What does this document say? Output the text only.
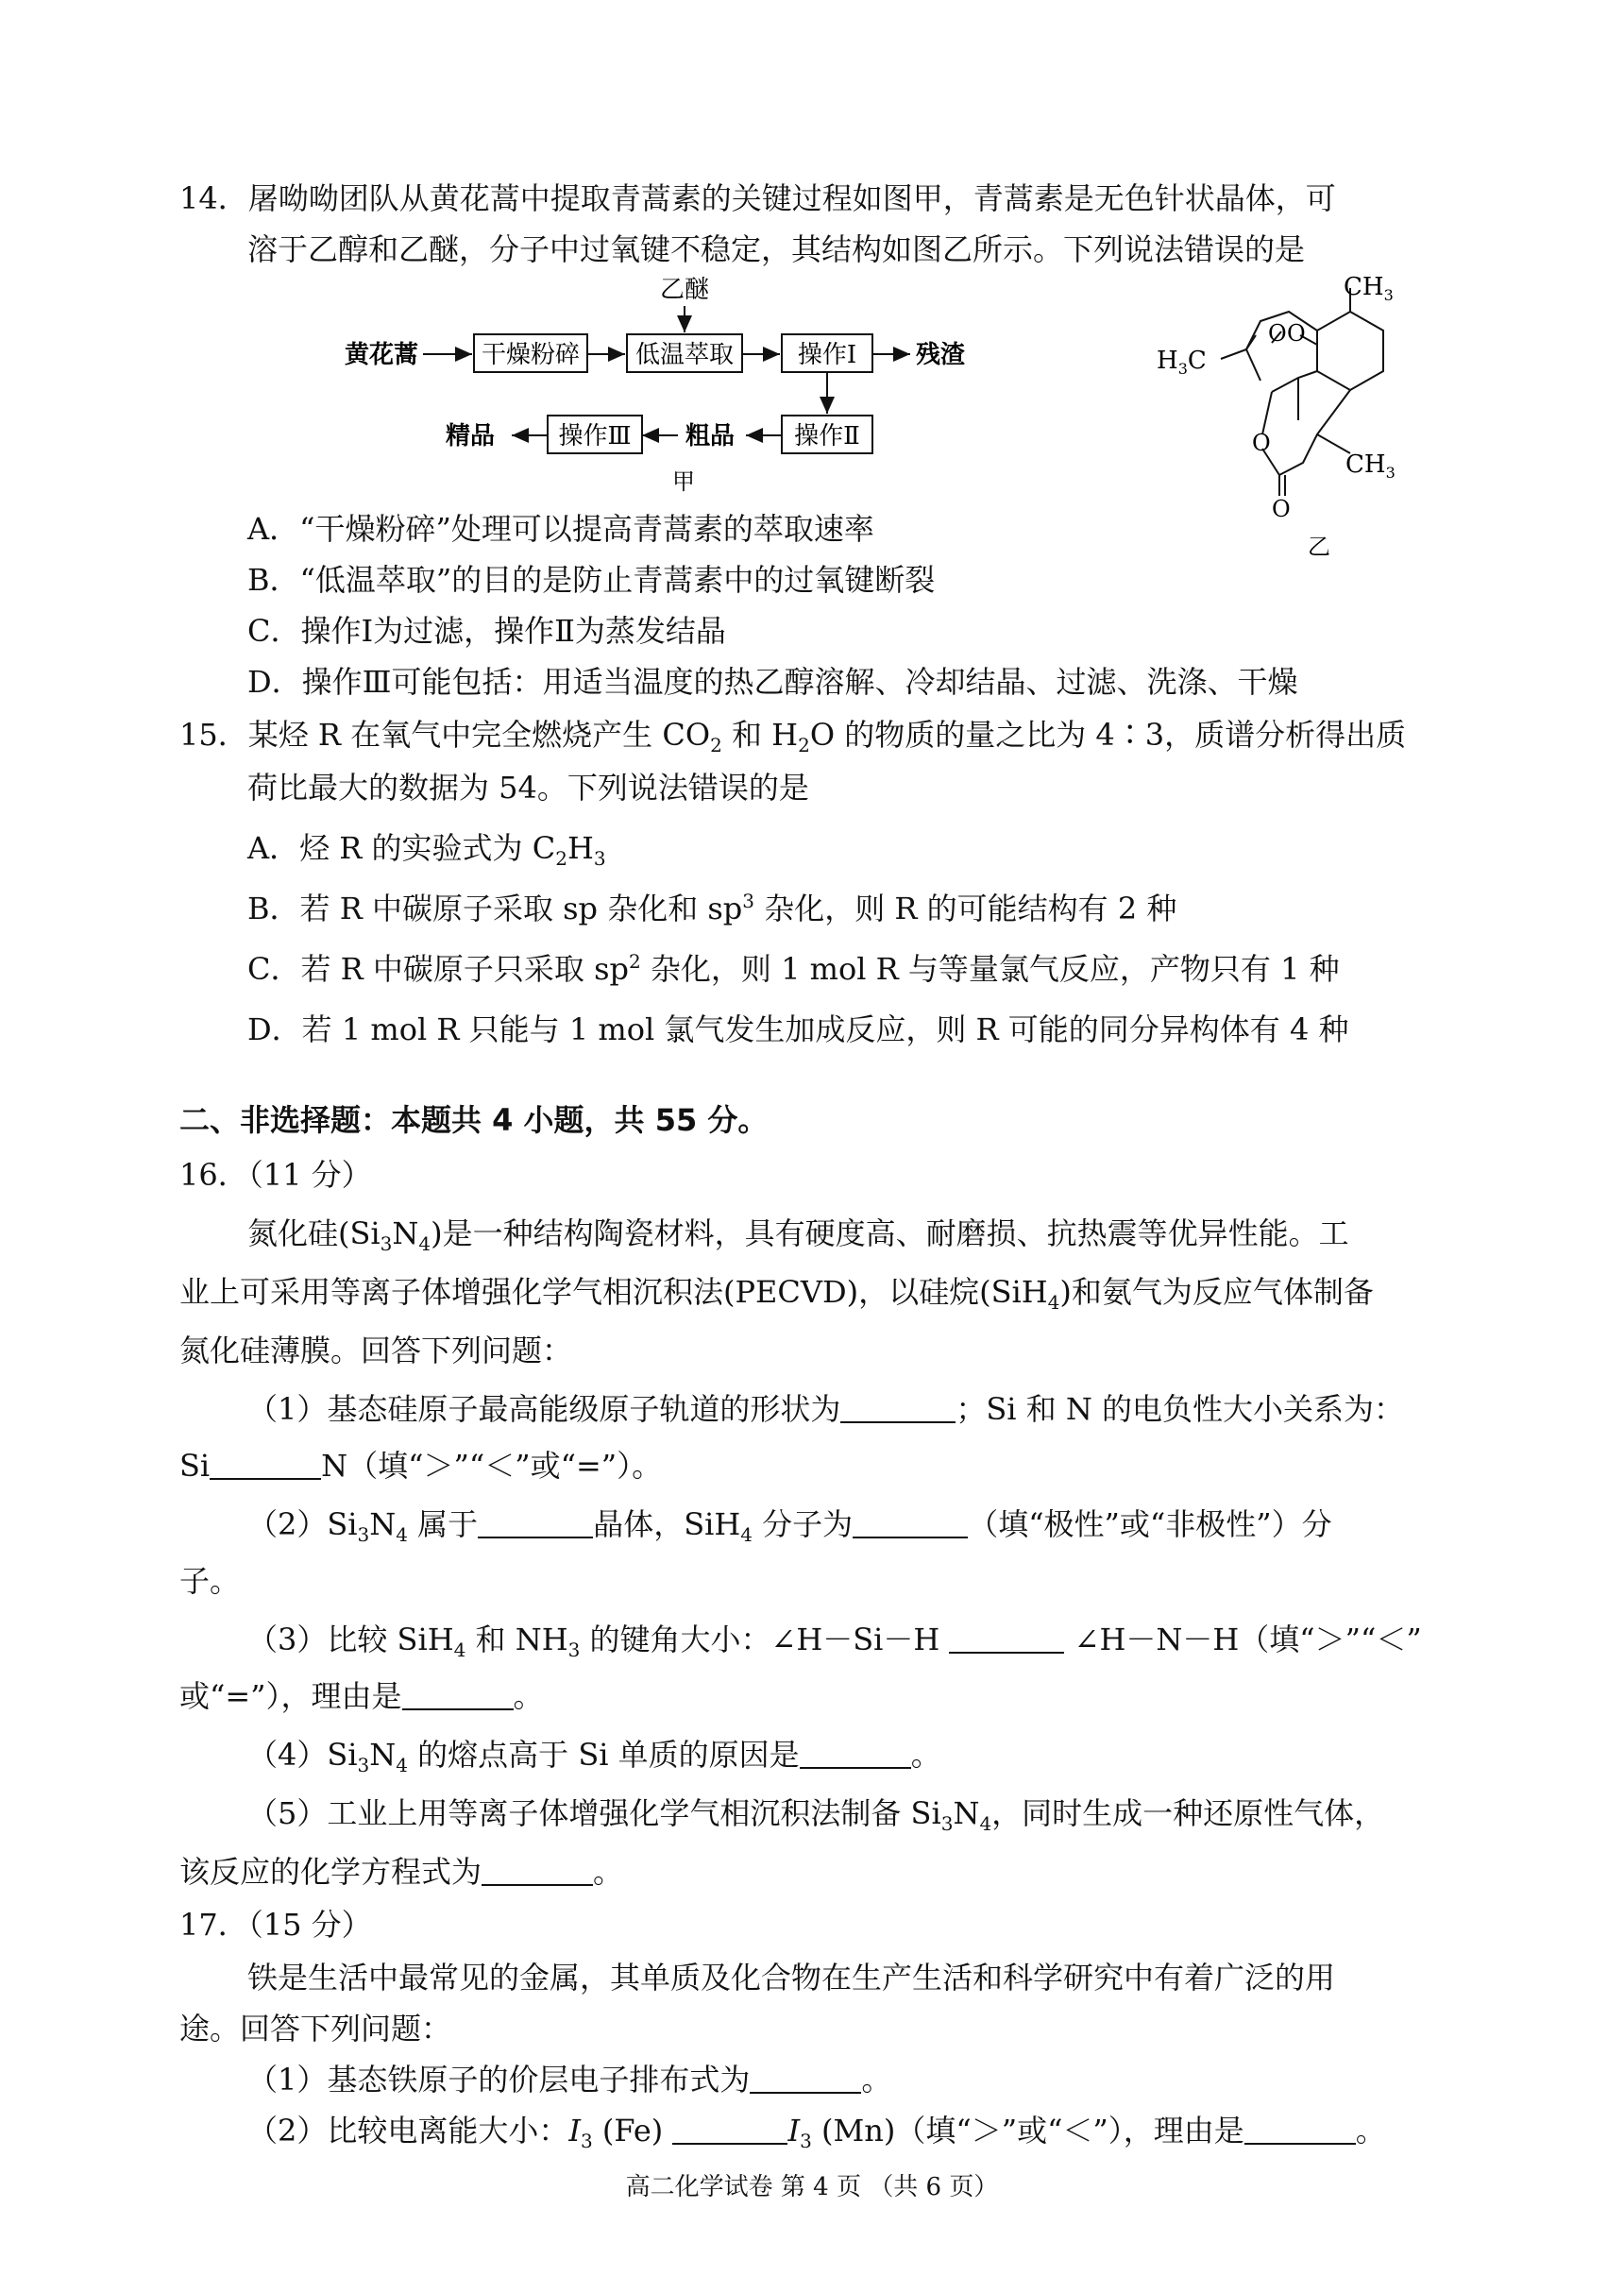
14．屠呦呦团队从黄花蒿中提取青蒿素的关键过程如图甲，青蒿素是无色针状晶体，可
溶于乙醇和乙醚，分子中过氧键不稳定，其结构如图乙所示。下列说法错误的是
乙醚
黄花蒿	干燥粉碎 低温萃取	操作Ⅰ 残渣
操作Ⅱ
粗品
操作Ⅲ
精品
甲
$CH_3$
$H_3C$
O O
O
O
$CH_3$
乙
A．“干燥粉碎”处理可以提高青蒿素的萃取速率
B．“低温萃取”的目的是防止青蒿素中的过氧键断裂
C．操作Ⅰ为过滤，操作Ⅱ为蒸发结晶
D．操作Ⅲ可能包括：用适当温度的热乙醇溶解、冷却结晶、过滤、洗涤、干燥
15．某烃 R 在氧气中完全燃烧产生 $CO_2$ 和 $H_2O$ 的物质的量之比为 4∶3，质谱分析得出质
荷比最大的数据为 54。下列说法错误的是
A．烃 R 的实验式为 $C_2H_3$
B．若 R 中碳原子采取 sp 杂化和 $sp^3$ 杂化，则 R 的可能结构有 2 种
C．若 R 中碳原子只采取 $sp^2$ 杂化，则 1 mol R 与等量氯气反应，产物只有 1 种
D．若 1 mol R 只能与 1 mol 氯气发生加成反应，则 R 可能的同分异构体有 4 种
二、非选择题：本题共 4 小题，共 55 分。
16．（11 分）
氮化硅$(Si_3N_4)$是一种结构陶瓷材料，具有硬度高、耐磨损、抗热震等优异性能。工
业上可采用等离子体增强化学气相沉积法(PECVD)，以硅烷(SiH$_4$)和氨气为反应气体制备
氮化硅薄膜。回答下列问题：
（1）基态硅原子最高能级原子轨道的形状为	；Si 和 N 的电负性大小关系为：
Si	N（填“＞”“＜”或“=”）。
$(2)Si_3N_4$ 属于	晶体，SiH$_4$ 分子为	（填“极性”或“非极性”）分
子。
（3）比较 SiH$_4$ 和 $NH_3$ 的键角大小：∠H－Si－H	∠H－N－H（填“＞”“＜”
或“=”），理由是	。
$(4)Si_3N_4$ 的熔点高于 Si 单质的原因是	。
（5）工业上用等离子体增强化学气相沉积法制备 $Si_3N_4$，同时生成一种还原性气体，
该反应的化学方程式为	。
17．（15 分）
铁是生活中最常见的金属，其单质及化合物在生产生活和科学研究中有着广泛的用
途。回答下列问题：
（1）基态铁原子的价层电子排布式为	。
（2）比较电离能大小：$I_3$ (Fe)	$I_3$ (Mn)（填“＞”或“＜”），理由是	。
高二化学试卷 第 4 页 （共 6 页）
